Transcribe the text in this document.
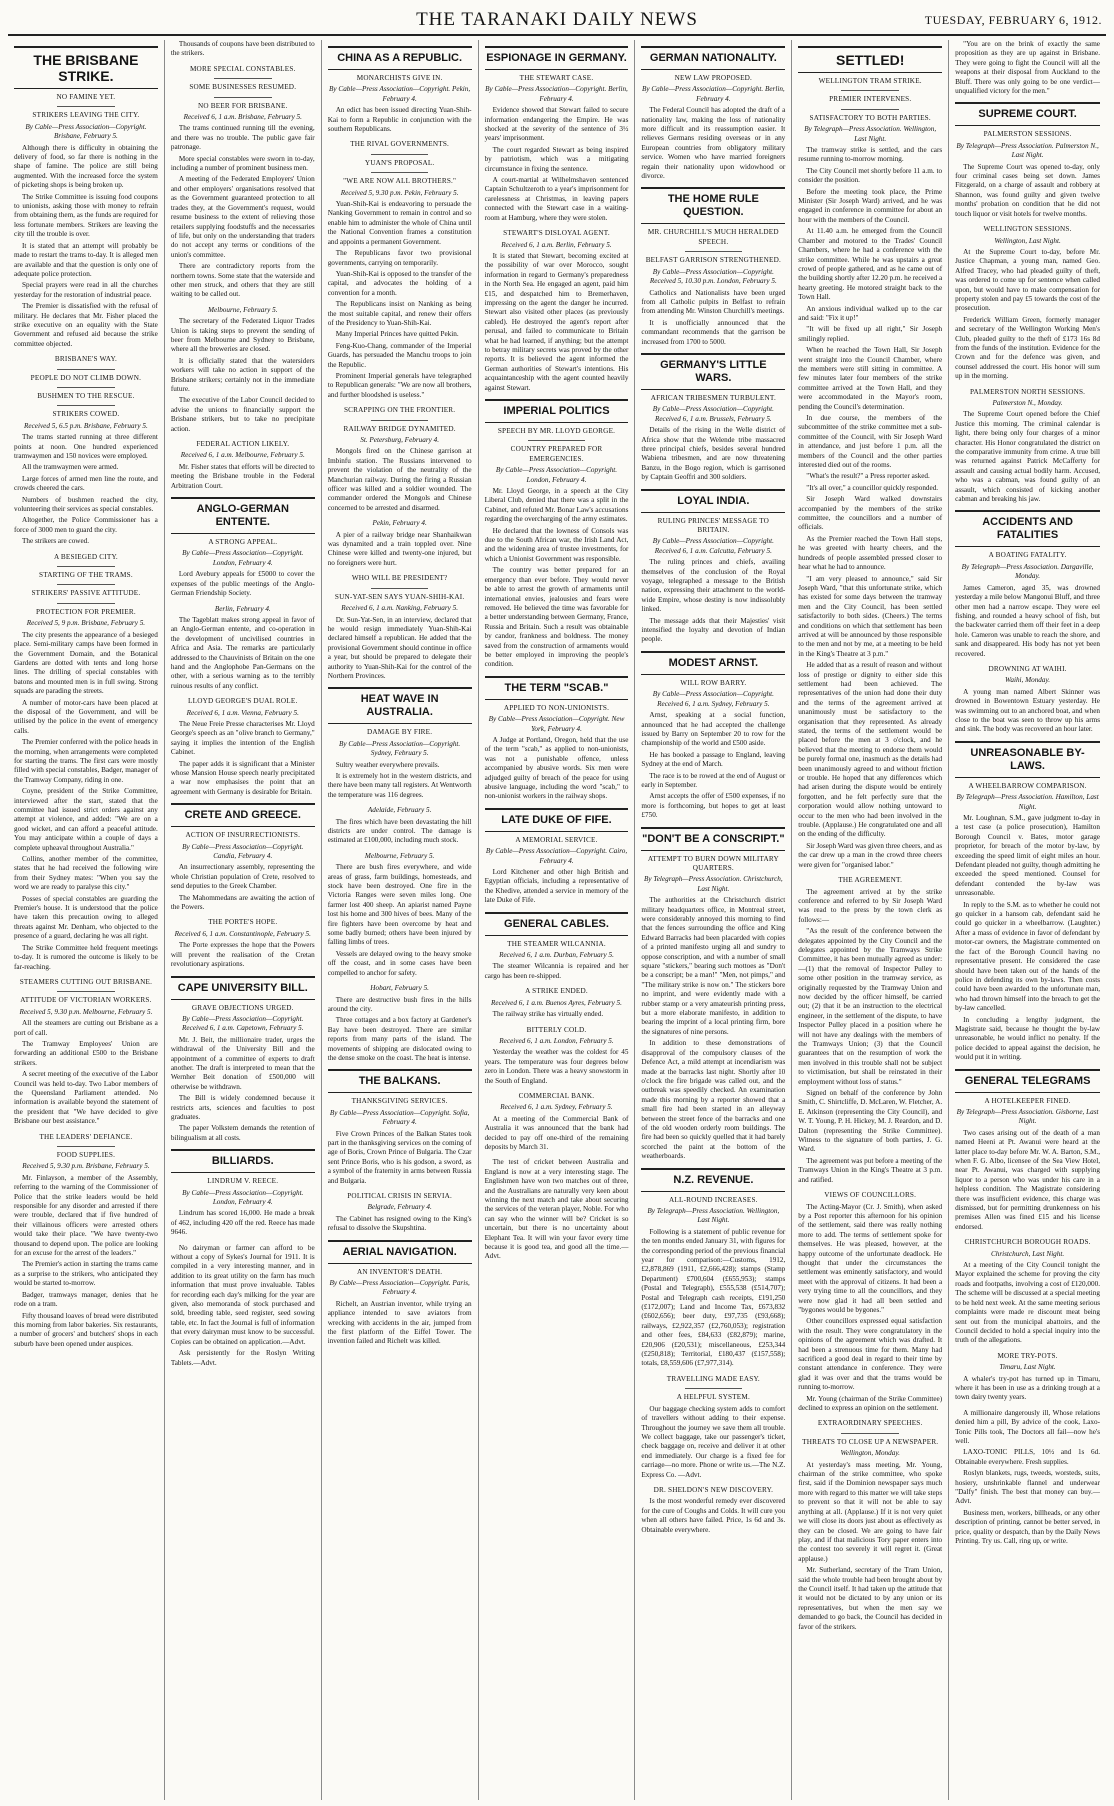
THE TARANAKI DAILY NEWS	TUESDAY, FEBRUARY 6, 1912.
THE BRISBANE STRIKE.
NO FAMINE YET.
STRIKERS LEAVING THE CITY.
By Cable—Press Association—Copyright. Brisbane, February 5.

Although there is difficulty in obtaining the delivery of food, so far there is nothing in the shape of famine. The police are still being augmented. With the increased force the system of picketing shops is being broken up.

The Strike Committee is issuing food coupons to unionists, asking those with money to refrain from obtaining them, as the funds are required for less fortunate members. Strikers are leaving the city till the trouble is over.

It is stated that an attempt will probably be made to restart the trams to-day. It is alleged men are available and that the question is only one of adequate police protection.

Special prayers were read in all the churches yesterday for the restoration of industrial peace.

The Premier is dissatisfied with the refusal of military. He declares that Mr. Fisher placed the strike executive on an equality with the State Government and refused aid because the strike committee objected.

BRISBANE'S WAY.
PEOPLE DO NOT CLIMB DOWN.
BUSHMEN TO THE RESCUE.
STRIKERS COWED.
Received 5, 6.5 p.m. Brisbane, February 5.

The trams started running at three different points at noon. One hundred experienced tramwaymen and 150 novices were employed.

All the tramwaymen were armed.

Large forces of armed men line the route, and crowds cheered the cars.

Numbers of bushmen reached the city, volunteering their services as special constables.

Altogether, the Police Commissioner has a force of 3000 men to guard the city.

The strikers are cowed.

A BESIEGED CITY.
STARTING OF THE TRAMS.
STRIKERS' PASSIVE ATTITUDE.
PROTECTION FOR PREMIER.
Received 5, 9 p.m. Brisbane, February 5.

The city presents the appearance of a besieged place. Semi-military camps have been formed in the Government Domain, and the Botanical Gardens are dotted with tents and long horse lines. The drilling of special constables with batons and mounted men is in full swing. Strong squads are parading the streets.

A number of motor-cars have been placed at the disposal of the Government, and will be utilised by the police in the event of emergency calls.

The Premier conferred with the police heads in the morning, when arrangements were completed for starting the trams. The first cars were mostly filled with special constables, Badger, manager of the Tramway Company, riding in one.

Coyne, president of the Strike Committee, interviewed after the start, stated that the committee had issued strict orders against any attempt at violence, and added: "We are on a good wicket, and can afford a peaceful attitude. You may anticipate within a couple of days a complete upheaval throughout Australia."

Collins, another member of the committee, states that he had received the following wire from their Sydney mates: "When you say the word we are ready to paralyse this city."

Posses of special constables are guarding the Premier's house. It is understood that the police have taken this precaution owing to alleged threats against Mr. Denham, who objected to the presence of a guard, declaring he was all right.

The Strike Committee held frequent meetings to-day. It is rumored the outcome is likely to be far-reaching.

STEAMERS CUTTING OUT BRISBANE.
ATTITUDE OF VICTORIAN WORKERS.
Received 5, 9.30 p.m. Melbourne, February 5.

All the steamers are cutting out Brisbane as a port of call.

The Tramway Employees' Union are forwarding an additional £500 to the Brisbane strikers.

A secret meeting of the executive of the Labor Council was held to-day. Two Labor members of the Queensland Parliament attended. No information is available beyond the statement of the president that "We have decided to give Brisbane our best assistance."

THE LEADERS' DEFIANCE.
FOOD SUPPLIES.
Received 5, 9.30 p.m. Brisbane, February 5.

Mr. Finlayson, a member of the Assembly, referring to the warning of the Commissioner of Police that the strike leaders would be held responsible for any disorder and arrested if there were trouble, declared that if five hundred of their villainous officers were arrested others would take their place. "We have twenty-two thousand to depend upon. The police are looking for an excuse for the arrest of the leaders."

The Premier's action in starting the trams came as a surprise to the strikers, who anticipated they would be started to-morrow.

Badger, tramways manager, denies that he rode on a tram.

Fifty thousand loaves of bread were distributed this morning from labor bakeries. Six restaurants, a number of grocers' and butchers' shops in each suburb have been opened under auspices.

Thousands of coupons have been distributed to the strikers.

MORE SPECIAL CONSTABLES.
SOME BUSINESSES RESUMED.
NO BEER FOR BRISBANE.
Received 6, 1 a.m. Brisbane, February 5.

The trams continued running till the evening, and there was no trouble. The public gave fair patronage.

More special constables were sworn in to-day, including a number of prominent business men.

A meeting of the Federated Employers' Union and other employers' organisations resolved that as the Government guaranteed protection to all trades they, at the Government's request, would resume business to the extent of relieving those retailers supplying foodstuffs and the necessaries of life, but only on the understanding that traders do not accept any terms or conditions of the union's committee.

There are contradictory reports from the northern towns. Some state that the waterside and other men struck, and others that they are still waiting to be called out.

Melbourne, February 5.

The secretary of the Federated Liquor Trades Union is taking steps to prevent the sending of beer from Melbourne and Sydney to Brisbane, where all the breweries are closed.

It is officially stated that the watersiders workers will take no action in support of the Brisbane strikers; certainly not in the immediate future.

The executive of the Labor Council decided to advise the unions to financially support the Brisbane strikers, but to take no precipitate action.

FEDERAL ACTION LIKELY.
Received 6, 1 a.m. Melbourne, February 5.

Mr. Fisher states that efforts will be directed to meeting the Brisbane trouble in the Federal Arbitration Court.

ANGLO-GERMAN ENTENTE.
A STRONG APPEAL.
By Cable—Press Association—Copyright. London, February 4.

Lord Avebury appeals for £5000 to cover the expenses of the public meetings of the Anglo-German Friendship Society.

Berlin, February 4.

The Tageblatt makes strong appeal in favor of an Anglo-German entente, and co-operation in the development of uncivilised countries in Africa and Asia. The remarks are particularly addressed to the Chauvinists of Britain on the one hand and the Anglophobe Pan-Germans on the other, with a serious warning as to the terribly ruinous results of any conflict.

LLOYD GEORGE'S DUAL ROLE.
Received 6, 1 a.m. Vienna, February 5.

The Neue Freie Presse characterises Mr. Lloyd George's speech as an "olive branch to Germany," saying it implies the intention of the English Cabinet.

The paper adds it is significant that a Minister whose Mansion House speech nearly precipitated a war now emphasises the point that an agreement with Germany is desirable for Britain.

CRETE AND GREECE.
ACTION OF INSURRECTIONISTS.
By Cable—Press Association—Copyright. Candia, February 4.

An insurrectionary assembly, representing the whole Christian population of Crete, resolved to send deputies to the Greek Chamber.

The Mahommedans are awaiting the action of the Powers.

THE PORTE'S HOPE.
Received 6, 1 a.m. Constantinople, February 5.

The Porte expresses the hope that the Powers will prevent the realisation of the Cretan revolutionary aspirations.

CAPE UNIVERSITY BILL.
GRAVE OBJECTIONS URGED.
By Cable—Press Association—Copyright. Received 6, 1 a.m. Capetown, February 5.

Mr. J. Beit, the millionaire trader, urges the withdrawal of the University Bill and the appointment of a committee of experts to draft another. The draft is interpreted to mean that the Wernher Beit donation of £500,000 will otherwise be withdrawn.

The Bill is widely condemned because it restricts arts, sciences and faculties to post graduates.

The paper Volkstem demands the retention of bilingualism at all costs.

BILLIARDS.
LINDRUM V. REECE.
By Cable—Press Association—Copyright. London, February 4.

Lindrum has scored 16,000. He made a break of 462, including 420 off the red. Reece has made 9646.

No dairyman or farmer can afford to be without a copy of Sykes's Journal for 1911. It is compiled in a very interesting manner, and in addition to its great utility on the farm has much information that must prove invaluable. Tables for recording each day's milking for the year are given, also memoranda of stock purchased and sold, breeding table, seed register, seed sowing table, etc. In fact the Journal is full of information that every dairyman must know to be successful. Copies can be obtained on application.—Advt.

Ask persistently for the Roslyn Writing Tablets.—Advt.

CHINA AS A REPUBLIC.
MONARCHISTS GIVE IN.
By Cable—Press Association—Copyright. Pekin, February 4.

An edict has been issued directing Yuan-Shih-Kai to form a Republic in conjunction with the southern Republicans.

THE RIVAL GOVERNMENTS.
YUAN'S PROPOSAL.
"WE ARE NOW ALL BROTHERS."
Received 5, 9.30 p.m. Pekin, February 5.

Yuan-Shih-Kai is endeavoring to persuade the Nanking Government to remain in control and so enable him to administer the whole of China until the National Convention frames a constitution and appoints a permanent Government.

The Republicans favor two provisional governments, carrying on temporarily.

Yuan-Shih-Kai is opposed to the transfer of the capital, and advocates the holding of a convention for a month.

The Republicans insist on Nanking as being the most suitable capital, and renew their offers of the Presidency to Yuan-Shih-Kai.

Many Imperial Princes have quitted Pekin.

Feng-Kuo-Chang, commander of the Imperial Guards, has persuaded the Manchu troops to join the Republic.

Prominent Imperial generals have telegraphed to Republican generals: "We are now all brothers, and further bloodshed is useless."

SCRAPPING ON THE FRONTIER.
RAILWAY BRIDGE DYNAMITED.
St. Petersburg, February 4.

Mongols fired on the Chinese garrison at Imbinfu station. The Russians intervened to prevent the violation of the neutrality of the Manchurian railway. During the firing a Russian officer was killed and a soldier wounded. The commander ordered the Mongols and Chinese concerned to be arrested and disarmed.

Pekin, February 4.

A pier of a railway bridge near Shanhaikwan was dynamited and a train toppled over. Nine Chinese were killed and twenty-one injured, but no foreigners were hurt.

WHO WILL BE PRESIDENT?
SUN-YAT-SEN SAYS YUAN-SHIH-KAI.
Received 6, 1 a.m. Nanking, February 5.

Dr. Sun-Yat-Sen, in an interview, declared that he would resign immediately Yuan-Shih-Kai declared himself a republican. He added that the provisional Government should continue in office a year, but should be prepared to delegate their authority to Yuan-Shih-Kai for the control of the Northern Provinces.

HEAT WAVE IN AUSTRALIA.
DAMAGE BY FIRE.
By Cable—Press Association—Copyright. Sydney, February 5.

Sultry weather everywhere prevails.

It is extremely hot in the western districts, and there have been many tall registers. At Wentworth the temperature was 116 degrees.

Adelaide, February 5.

The fires which have been devastating the hill districts are under control. The damage is estimated at £100,000, including much stock.

Melbourne, February 5.

There are bush fires everywhere, and wide areas of grass, farm buildings, homesteads, and stock have been destroyed. One fire in the Victoria Ranges were seven miles long. One farmer lost 400 sheep. An apiarist named Payne lost his home and 300 hives of bees. Many of the fire fighters have been overcome by heat and some badly burned; others have been injured by falling limbs of trees.

Vessels are delayed owing to the heavy smoke off the coast, and in some cases have been compelled to anchor for safety.

Hobart, February 5.

There are destructive bush fires in the hills around the city.

Three cottages and a box factory at Gardener's Bay have been destroyed. There are similar reports from many parts of the island. The movements of shipping are dislocated owing to the dense smoke on the coast. The heat is intense.

THE BALKANS.
THANKSGIVING SERVICES.
By Cable—Press Association—Copyright. Sofia, February 4.

Five Crown Princes of the Balkan States took part in the thanksgiving services on the coming of age of Boris, Crown Prince of Bulgaria. The Czar sent Prince Boris, who is his godson, a sword, as a symbol of the fraternity in arms between Russia and Bulgaria.

POLITICAL CRISIS IN SERVIA.
Belgrade, February 4.

The Cabinet has resigned owing to the King's refusal to dissolve the Skupshtina.

AERIAL NAVIGATION.
AN INVENTOR'S DEATH.
By Cable—Press Association—Copyright. Paris, February 4.

Richelt, an Austrian inventor, while trying an appliance intended to save aviators from wrecking with accidents in the air, jumped from the first platform of the Eiffel Tower. The invention failed and Richelt was killed.

ESPIONAGE IN GERMANY.
THE STEWART CASE.
By Cable—Press Association—Copyright. Berlin, February 4.

Evidence showed that Stewart failed to secure information endangering the Empire. He was shocked at the severity of the sentence of 3½ years' imprisonment.

The court regarded Stewart as being inspired by patriotism, which was a mitigating circumstance in fixing the sentence.

A court-martial at Wilhelmshaven sentenced Captain Schultzeroth to a year's imprisonment for carelessness at Christmas, in leaving papers connected with the Stewart case in a waiting-room at Hamburg, where they were stolen.

STEWART'S DISLOYAL AGENT.
Received 6, 1 a.m. Berlin, February 5.

It is stated that Stewart, becoming excited at the possibility of war over Morocco, sought information in regard to Germany's preparedness in the North Sea. He engaged an agent, paid him £15, and despatched him to Bremerhaven, impressing on the agent the danger he incurred. Stewart also visited other places (as previously cabled). He destroyed the agent's report after perusal, and failed to communicate to Britain what he had learned, if anything; but the attempt to betray military secrets was proved by the other reports. It is believed the agent informed the German authorities of Stewart's intentions. His acquaintanceship with the agent counted heavily against Stewart.

IMPERIAL POLITICS
SPEECH BY MR. LLOYD GEORGE.
COUNTRY PREPARED FOR EMERGENCIES.
By Cable—Press Association—Copyright. London, February 4.

Mr. Lloyd George, in a speech at the City Liberal Club, denied that there was a split in the Cabinet, and refuted Mr. Bonar Law's accusations regarding the overcharging of the army estimates.

He declared that the lowness of Consols was due to the South African war, the Irish Land Act, and the widening area of trustee investments, for which a Unionist Government was responsible.

The country was better prepared for an emergency than ever before. They would never be able to arrest the growth of armaments until international envies, jealousies and fears were removed. He believed the time was favorable for a better understanding between Germany, France, Russia and Britain. Such a result was obtainable by candor, frankness and boldness. The money saved from the construction of armaments would be better employed in improving the people's condition.

THE TERM "SCAB."
APPLIED TO NON-UNIONISTS.
By Cable—Press Association—Copyright. New York, February 4.

A Judge at Portland, Oregon, held that the use of the term "scab," as applied to non-unionists, was not a punishable offence, unless accompanied by abusive words. Six men were adjudged guilty of breach of the peace for using abusive language, including the word "scab," to non-unionist workers in the railway shops.

LATE DUKE OF FIFE.
A MEMORIAL SERVICE.
By Cable—Press Association—Copyright. Cairo, February 4.

Lord Kitchener and other high British and Egyptian officials, including a representative of the Khedive, attended a service in memory of the late Duke of Fife.

GENERAL CABLES.
THE STEAMER WILCANNIA.
Received 6, 1 a.m. Durban, February 5.

The steamer Wilcannia is repaired and her cargo has been re-shipped.

A STRIKE ENDED.
Received 6, 1 a.m. Buenos Ayres, February 5.

The railway strike has virtually ended.

BITTERLY COLD.
Received 6, 1 a.m. London, February 5.

Yesterday the weather was the coldest for 45 years. The temperature was four degrees below zero in London. There was a heavy snowstorm in the South of England.

COMMERCIAL BANK.
Received 6, 1 a.m. Sydney, February 5.

At a meeting of the Commercial Bank of Australia it was announced that the bank had decided to pay off one-third of the remaining deposits by March 31.

The test of cricket between Australia and England is now at a very interesting stage. The Englishmen have won two matches out of three, and the Australians are naturally very keen about winning the next match and take about securing the services of the veteran player, Noble. For who can say who the winner will be? Cricket is so uncertain, but there is no uncertainty about Elephant Tea. It will win your favor every time because it is good tea, and good all the time.—Advt.

GERMAN NATIONALITY.
NEW LAW PROPOSED.
By Cable—Press Association—Copyright. Berlin, February 4.

The Federal Council has adopted the draft of a nationality law, making the loss of nationality more difficult and its reassumption easier. It relieves Germans residing overseas or in any European countries from obligatory military service. Women who have married foreigners regain their nationality upon widowhood or divorce.

THE HOME RULE QUESTION.
MR. CHURCHILL'S MUCH HERALDED SPEECH.
BELFAST GARRISON STRENGTHENED.
By Cable—Press Association—Copyright. Received 5, 10.30 p.m. London, February 5.

Catholics and Nationalists have been urged from all Catholic pulpits in Belfast to refrain from attending Mr. Winston Churchill's meetings.

It is unofficially announced that the commandant recommends that the garrison be increased from 1700 to 5000.

GERMANY'S LITTLE WARS.
AFRICAN TRIBESMEN TURBULENT.
By Cable—Press Association—Copyright. Received 6, 1 a.m. Brussels, February 5.

Details of the rising in the Welle district of Africa show that the Welende tribe massacred three principal chiefs, besides several hundred Wabiena tribesmen, and are now threatening Banzu, in the Bogo region, which is garrisoned by Captain Geoffri and 300 soldiers.

LOYAL INDIA.
RULING PRINCES' MESSAGE TO BRITAIN.
By Cable—Press Association—Copyright. Received 6, 1 a.m. Calcutta, February 5.

The ruling princes and chiefs, availing themselves of the conclusion of the Royal voyage, telegraphed a message to the British nation, expressing their attachment to the world-wide Empire, whose destiny is now indissolubly linked.

The message adds that their Majesties' visit intensified the loyalty and devotion of Indian people.

MODEST ARNST.
WILL ROW BARRY.
By Cable—Press Association—Copyright. Received 6, 1 a.m. Sydney, February 5.

Arnst, speaking at a social function, announced that he had accepted the challenge issued by Barry on September 20 to row for the championship of the world and £500 aside.

He has booked a passage to England, leaving Sydney at the end of March.

The race is to be rowed at the end of August or early in September.

Arnst accepts the offer of £500 expenses, if no more is forthcoming, but hopes to get at least £750.

"DON'T BE A CONSCRIPT."
ATTEMPT TO BURN DOWN MILITARY QUARTERS.
By Telegraph—Press Association. Christchurch, Last Night.

The authorities at the Christchurch district military headquarters office, in Montreal street, were considerably annoyed this morning to find that the fences surrounding the office and King Edward Barracks had been placarded with copies of a printed manifesto urging all and sundry to oppose conscription, and with a number of small square "stickers," bearing such mottoes as "Don't be a conscript; be a man!" "Men, not pimps," and "The military strike is now on." The stickers bore no imprint, and were evidently made with a rubber stamp or a very amateurish printing press, but a more elaborate manifesto, in addition to bearing the imprint of a local printing firm, bore the signatures of nine persons.

In addition to these demonstrations of disapproval of the compulsory clauses of the Defence Act, a mild attempt at incendiarism was made at the barracks last night. Shortly after 10 o'clock the fire brigade was called out, and the outbreak was speedily checked. An examination made this morning by a reporter showed that a small fire had been started in an alleyway between the street fence of the barracks and one of the old wooden orderly room buildings. The fire had been so quickly quelled that it had barely scorched the paint at the bottom of the weatherboards.

N.Z. REVENUE.
ALL-ROUND INCREASES.
By Telegraph—Press Association. Wellington, Last Night.

Following is a statement of public revenue for the ten months ended January 31, with figures for the corresponding period of the previous financial year for comparison:—Customs, 1912, £2,878,869 (1911, £2,666,428); stamps (Stamp Department) £700,604 (£655,953); stamps (Postal and Telegraph), £555,538 (£514,707); Postal and Telegraph cash receipts, £191,250 (£172,007); Land and Income Tax, £673,832 (£602,656); beer duty, £97,735 (£93,668); railways, £2,922,357 (£2,760,053); registration and other fees, £84,633 (£82,879); marine, £20,906 (£20,531); miscellaneous, £253,344 (£250,818); Territorial, £180,437 (£157,558); totals, £8,559,606 (£7,977,314).

TRAVELLING MADE EASY.
A HELPFUL SYSTEM.

Our baggage checking system adds to comfort of travellers without adding to their expense. Throughout the journey we save them all trouble. We collect baggage, take our passenger's ticket, check baggage on, receive and deliver it at other end immediately. Our charge is a fixed fee for carriage—no more. Phone or write us.—The N.Z. Express Co. —Advt.

DR. SHELDON'S NEW DISCOVERY.

Is the most wonderful remedy ever discovered for the cure of Coughs and Colds. It will cure you when all others have failed. Price, 1s 6d and 3s. Obtainable everywhere.

SETTLED!
WELLINGTON TRAM STRIKE.
PREMIER INTERVENES.
SATISFACTORY TO BOTH PARTIES.
By Telegraph—Press Association. Wellington, Last Night.

The tramway strike is settled, and the cars resume running to-morrow morning.

The City Council met shortly before 11 a.m. to consider the position.

Before the meeting took place, the Prime Minister (Sir Joseph Ward) arrived, and he was engaged in conference in committee for about an hour with the members of the Council.

At 11.40 a.m. he emerged from the Council Chamber and motored to the Trades' Council Chambers, where he had a conference with the strike committee. While he was upstairs a great crowd of people gathered, and as he came out of the building shortly after 12.20 p.m. he received a hearty greeting. He motored straight back to the Town Hall.

An anxious individual walked up to the car and said: "Fix it up!"

"It will be fixed up all right," Sir Joseph smilingly replied.

When he reached the Town Hall, Sir Joseph went straight into the Council Chamber, where the members were still sitting in committee. A few minutes later four members of the strike committee arrived at the Town Hall, and they were accommodated in the Mayor's room, pending the Council's determination.

In due course, the members of the subcommittee of the strike committee met a sub-committee of the Council, with Sir Joseph Ward in attendance, and just before 1 p.m. all the members of the Council and the other parties interested died out of the rooms.

"What's the result?" a Press reporter asked.

"It's all over," a councillor quickly responded.

Sir Joseph Ward walked downstairs accompanied by the members of the strike committee, the councillors and a number of officials.

As the Premier reached the Town Hall steps, he was greeted with hearty cheers, and the hundreds of people assembled pressed closer to hear what he had to announce.

"I am very pleased to announce," said Sir Joseph Ward, "that this unfortunate strike, which has existed for some days between the tramway men and the City Council, has been settled satisfactorily to both sides. (Cheers.) The terms and conditions on which that settlement has been arrived at will be announced by those responsible to the men and not by me, at a meeting to be held in the King's Theatre at 3 p.m."

He added that as a result of reason and without loss of prestige or dignity to either side this settlement had been achieved. The representatives of the union had done their duty and the terms of the agreement arrived at unanimously must be satisfactory to the organisation that they represented. As already stated, the terms of the settlement would be placed before the men at 3 o'clock, and he believed that the meeting to endorse them would be purely formal one, inasmuch as the details had been unanimously agreed to and without friction or trouble. He hoped that any differences which had arisen during the dispute would be entirely forgotten, and he felt perfectly sure that the corporation would allow nothing untoward to occur to the men who had been involved in the trouble. (Applause.) He congratulated one and all on the ending of the difficulty.

Sir Joseph Ward was given three cheers, and as the car drew up a man in the crowd three cheers were given for "organised labor."

THE AGREEMENT.

The agreement arrived at by the strike conference and referred to by Sir Joseph Ward was read to the press by the town clerk as follows:—

"As the result of the conference between the delegates appointed by the City Council and the delegates appointed by the Tramways Strike Committee, it has been mutually agreed as under:—(1) that the removal of Inspector Pulley to some other position in the tramway service, as originally requested by the Tramway Union and now decided by the officer himself, be carried out; (2) that it be an instruction to the electrical engineer, in the settlement of the dispute, to have Inspector Pulley placed in a position where he will not have any dealings with the members of the Tramways Union; (3) that the Council guarantees that on the resumption of work the men involved in this trouble shall not be subject to victimisation, but shall be reinstated in their employment without loss of status."

Signed on behalf of the conference by John Smith, C. Shirtcliffe, D. McLaren, W. Fletcher, A. E. Atkinson (representing the City Council), and W. T. Young, P. H. Hickey, M. J. Reardon, and D. Dalton (representing the Strike Committee). Witness to the signature of both parties, J. G. Ward.

The agreement was put before a meeting of the Tramways Union in the King's Theatre at 3 p.m. and ratified.

VIEWS OF COUNCILLORS.

The Acting-Mayor (Cr. J. Smith), when asked by a Post reporter this afternoon for his opinion of the settlement, said there was really nothing more to add. The terms of settlement spoke for themselves. He was pleased, however, at the happy outcome of the unfortunate deadlock. He thought that under the circumstances the settlement was eminently satisfactory, and would meet with the approval of citizens. It had been a very trying time to all the councillors, and they were now glad it had all been settled and "bygones would be bygones."

Other councillors expressed equal satisfaction with the result. They were congratulatory in the opinions of the agreement which was drafted. It had been a strenuous time for them. Many had sacrificed a good deal in regard to their time by constant attendance in conference. They were glad it was over and that the trams would be running to-morrow.

Mr. Young (chairman of the Strike Committee) declined to express an opinion on the settlement.

EXTRAORDINARY SPEECHES.
THREATS TO CLOSE UP A NEWSPAPER.
Wellington, Monday.

At yesterday's mass meeting, Mr. Young, chairman of the strike committee, who spoke first, said if the Dominion newspaper says much more with regard to this matter we will take steps to prevent so that it will not be able to say anything at all. (Applause.) If it is not very quiet we will close its doors just about as effectively as they can be closed. We are going to have fair play, and if that malicious Tory paper enters into the contest too severely it will regret it. (Great applause.)

Mr. Sutherland, secretary of the Tram Union, said the whole trouble had been brought about by the Council itself. It had taken up the attitude that it would not be dictated to by any union or its representatives, but when the men say we demanded to go back, the Council has decided in favor of the strikers.

"You are on the brink of exactly the same proposition as they are up against in Brisbane. They were going to fight the Council will all the weapons at their disposal from Auckland to the Bluff. There was only going to be one verdict—unqualified victory for the men."

SUPREME COURT.
PALMERSTON SESSIONS.
By Telegraph—Press Association. Palmerston N., Last Night.

The Supreme Court was opened to-day, only four criminal cases being set down. James Fitzgerald, on a charge of assault and robbery at Shannon, was found guilty and given twelve months' probation on condition that he did not touch liquor or visit hotels for twelve months.

WELLINGTON SESSIONS.
Wellington, Last Night.

At the Supreme Court to-day, before Mr. Justice Chapman, a young man, named Geo. Alfred Tracey, who had pleaded guilty of theft, was ordered to come up for sentence when called upon, but would have to make compensation for property stolen and pay £5 towards the cost of the prosecution.

Frederick William Green, formerly manager and secretary of the Wellington Working Men's Club, pleaded guilty to the theft of £173 16s 8d from the funds of the institution. Evidence for the Crown and for the defence was given, and counsel addressed the court. His honor will sum up in the morning.

PALMERSTON NORTH SESSIONS.
Palmerston N., Monday.

The Supreme Court opened before the Chief Justice this morning. The criminal calendar is light, there being only four charges of a minor character. His Honor congratulated the district on the comparative immunity from crime. A true bill was returned against Patrick McCafferty for assault and causing actual bodily harm. Accused, who was a cabman, was found guilty of an assault, which consisted of kicking another cabman and breaking his jaw.

ACCIDENTS AND FATALITIES
A BOATING FATALITY.
By Telegraph—Press Association. Dargaville, Monday.

James Cameron, aged 35, was drowned yesterday a mile below Mangonui Bluff, and three other men had a narrow escape. They were eel fishing, and rounded a heavy school of fish, but the backwater carried them off their feet in a deep hole. Cameron was unable to reach the shore, and sank and disappeared. His body has not yet been recovered.

DROWNING AT WAIHI.
Waihi, Monday.

A young man named Albert Skinner was drowned in Bowentown Estuary yesterday. He was swimming out to an anchored boat, and when close to the boat was seen to throw up his arms and sink. The body was recovered an hour later.

UNREASONABLE BY-LAWS.
A WHEELBARROW COMPARISON.
By Telegraph—Press Association. Hamilton, Last Night.

Mr. Loughnan, S.M., gave judgment to-day in a test case (a police prosecution), Hamilton Borough Council v. Bates, motor garage proprietor, for breach of the motor by-law, by exceeding the speed limit of eight miles an hour. Defendant pleaded not guilty, though admitting he exceeded the speed mentioned. Counsel for defendant contended the by-law was unreasonable.

In reply to the S.M. as to whether he could not go quicker in a hansom cab, defendant said he could go quicker in a wheelbarrow. (Laughter.) After a mass of evidence in favor of defendant by motor-car owners, the Magistrate commented on the fact of the Borough Council having no representative present. He considered the case should have been taken out of the hands of the police in defending its own by-laws. Then costs could have been awarded to the unfortunate man, who had thrown himself into the breach to get the by-law cancelled.

In concluding a lengthy judgment, the Magistrate said, because he thought the by-law unreasonable, he would inflict no penalty. If the police decided to appeal against the decision, he would put it in writing.

GENERAL TELEGRAMS
A HOTELKEEPER FINED.
By Telegraph—Press Association. Gisborne, Last Night.

Two cases arising out of the death of a man named Heeni at Pt. Awanui were heard at the latter place to-day before Mr. W. A. Barton, S.M., when F. G. Albo, licensee of the Sea View Hotel, near Pt. Awanui, was charged with supplying liquor to a person who was under his care in a helpless condition. The Magistrate considering there was insufficient evidence, this charge was dismissed, but for permitting drunkenness on his premises Allen was fined £15 and his license endorsed.

CHRISTCHURCH BOROUGH ROADS.
Christchurch, Last Night.

At a meeting of the City Council tonight the Mayor explained the scheme for proving the city roads and footpaths, involving a cost of £120,000. The scheme will be discussed at a special meeting to be held next week. At the same meeting serious complaints were made re discount meat being sent out from the municipal abattoirs, and the Council decided to hold a special inquiry into the truth of the allegations.

MORE TRY-POTS.
Timaru, Last Night.

A whaler's try-pot has turned up in Timaru, where it has been in use as a drinking trough at a town dairy twenty years.

A millionaire dangerously ill, Whose relations denied him a pill, By advice of the cook, Laxo-Tonic Pills took, The Doctors all fail—now he's well.

LAXO-TONIC PILLS, 10½ and 1s 6d. Obtainable everywhere. Fresh supplies.

Roslyn blankets, rugs, tweeds, worsteds, suits, hosiery, unshrinkable flannel and underwear "Dalfy" finish. The best that money can buy.—Advt.

Business men, workers, billheads, or any other description of printing, cannot be better served, in price, quality or despatch, than by the Daily News Printing. Try us. Call, ring up, or write.
